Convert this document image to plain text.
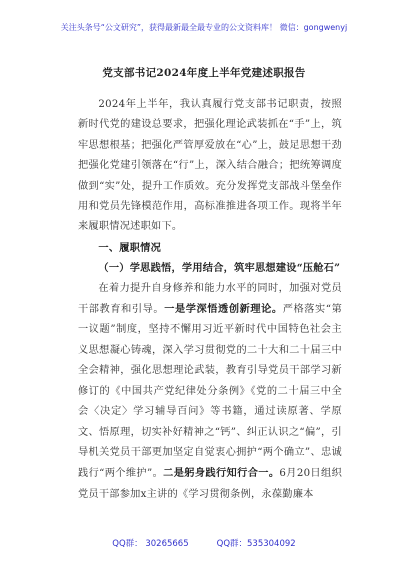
关注头条号“公文研究”，获得最新最全最专业的公文资料库！ 微信：gongwenyj
党支部书记2024年度上半年党建述职报告

2024年上半年，我认真履行党支部书记职责，按照新时代党的建设总要求，把强化理论武装抓在“手”上，筑牢思想根基；把强化严管厚爱放在“心”上，鼓足思想干劲把强化党建引领落在“行”上，深入结合融合；把统筹调度做到“实”处，提升工作质效。充分发挥党支部战斗堡垒作用和党员先锋模范作用，高标准推进各项工作。现将半年来履职情况述职如下。

一、履职情况

（一）学思践悟，学用结合，筑牢思想建设“压舱石”

在着力提升自身修养和能力水平的同时，加强对党员干部教育和引导。一是学深悟透创新理论。严格落实“第一议题”制度，坚持不懈用习近平新时代中国特色社会主义思想凝心铸魂，深入学习贯彻党的二十大和二十届三中全会精神，强化思想理论武装，教育引导党员干部学习新修订的《中国共产党纪律处分条例》《党的二十届三中全会〈决定〉学习辅导百问》等书籍，通过读原著、学原文、悟原理，切实补好精神之“钙”、纠正认识之“偏”，引导机关党员干部更加坚定自觉衷心拥护“两个确立”、忠诚践行“两个维护”。二是躬身践行知行合一。6月20日组织党员干部参加x主讲的《学习贯彻条例，永葆勤廉本

QQ群： 30265665	QQ群：535304092
